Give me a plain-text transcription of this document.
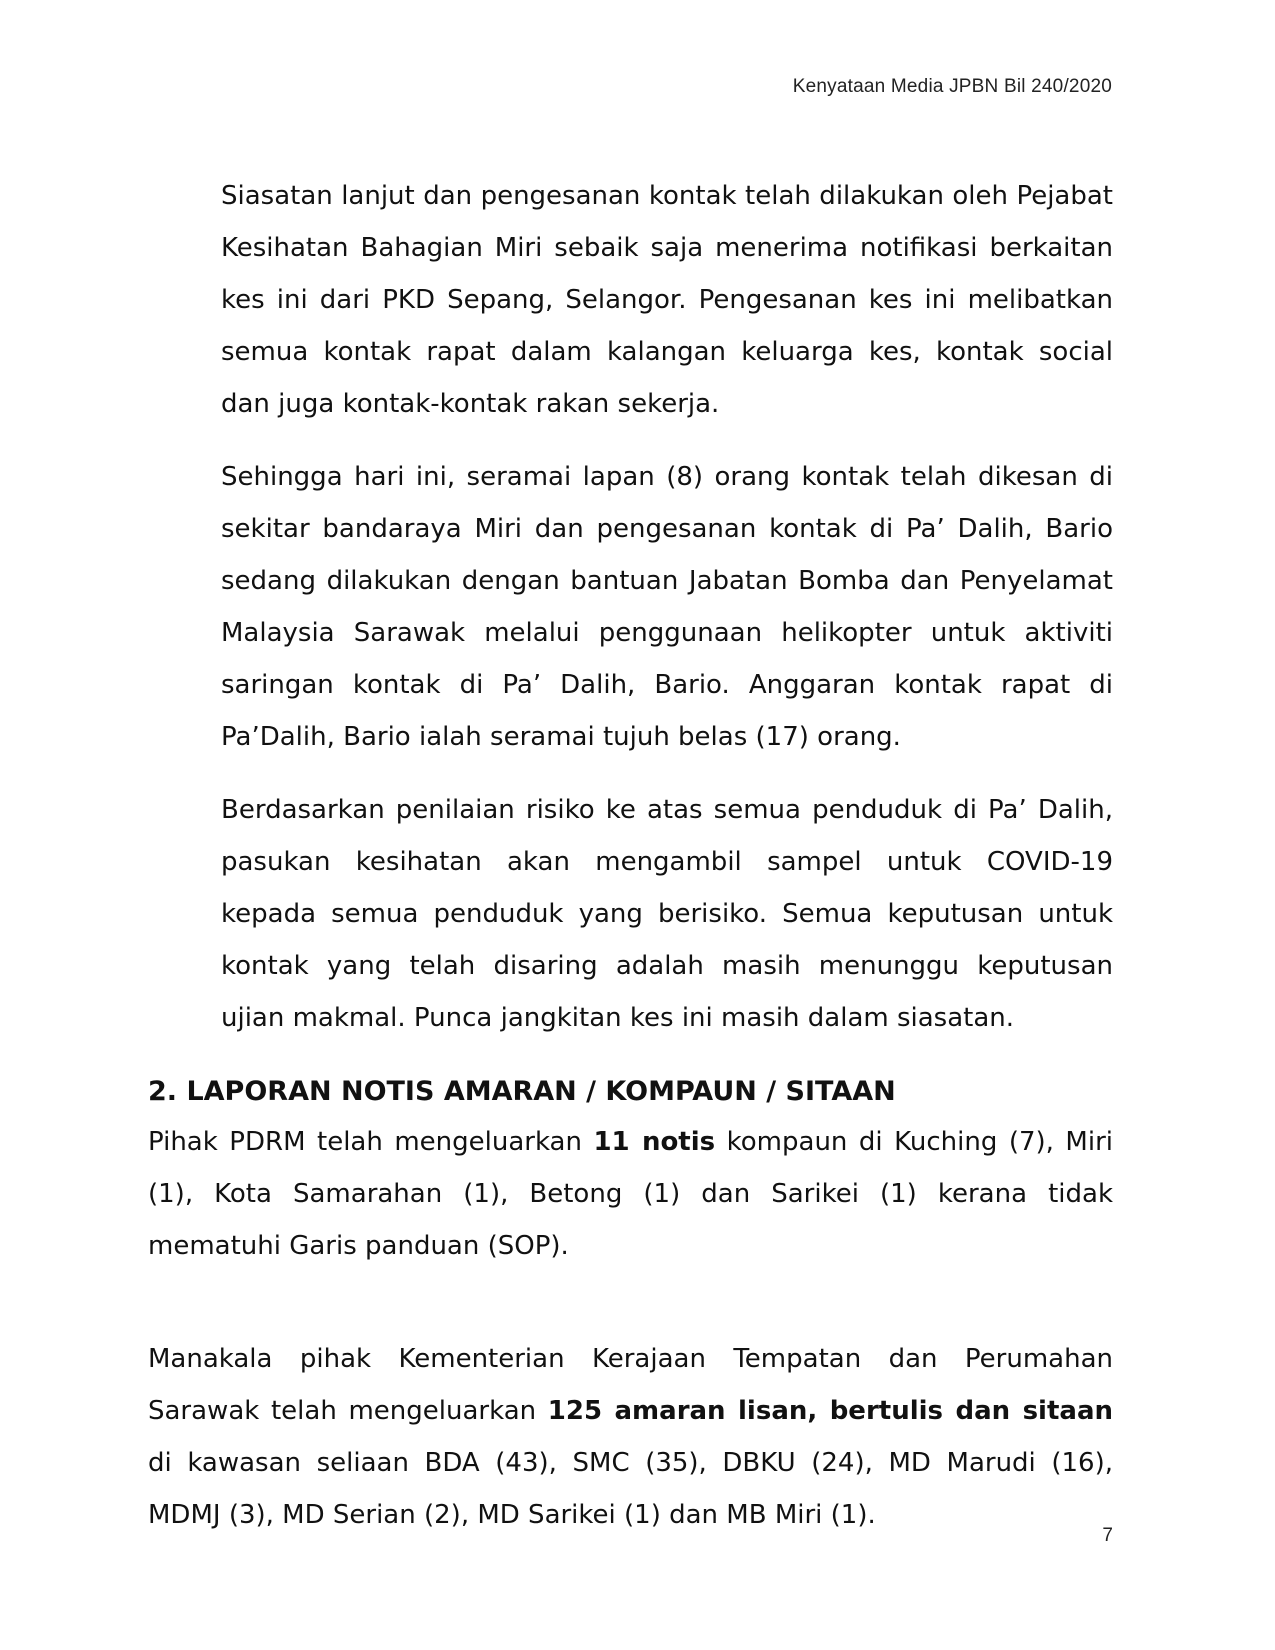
Kenyataan Media JPBN Bil 240/2020

Siasatan lanjut dan pengesanan kontak telah dilakukan oleh Pejabat Kesihatan Bahagian Miri sebaik saja menerima notifikasi berkaitan kes ini dari PKD Sepang, Selangor. Pengesanan kes ini melibatkan semua kontak rapat dalam kalangan keluarga kes, kontak social dan juga kontak-kontak rakan sekerja.

Sehingga hari ini, seramai lapan (8) orang kontak telah dikesan di sekitar bandaraya Miri dan pengesanan kontak di Pa’ Dalih, Bario sedang dilakukan dengan bantuan Jabatan Bomba dan Penyelamat Malaysia Sarawak melalui penggunaan helikopter untuk aktiviti saringan kontak di Pa’ Dalih, Bario. Anggaran kontak rapat di Pa’Dalih, Bario ialah seramai tujuh belas (17) orang.

Berdasarkan penilaian risiko ke atas semua penduduk di Pa’ Dalih, pasukan kesihatan akan mengambil sampel untuk COVID-19 kepada semua penduduk yang berisiko. Semua keputusan untuk kontak yang telah disaring adalah masih menunggu keputusan ujian makmal. Punca jangkitan kes ini masih dalam siasatan.

2. LAPORAN NOTIS AMARAN / KOMPAUN / SITAAN

Pihak PDRM telah mengeluarkan 11 notis kompaun di Kuching (7), Miri (1), Kota Samarahan (1), Betong (1) dan Sarikei (1) kerana tidak mematuhi Garis panduan (SOP).

Manakala pihak Kementerian Kerajaan Tempatan dan Perumahan Sarawak telah mengeluarkan 125 amaran lisan, bertulis dan sitaan di kawasan seliaan BDA (43), SMC (35), DBKU (24), MD Marudi (16), MDMJ (3), MD Serian (2), MD Sarikei (1) dan MB Miri (1).

7
